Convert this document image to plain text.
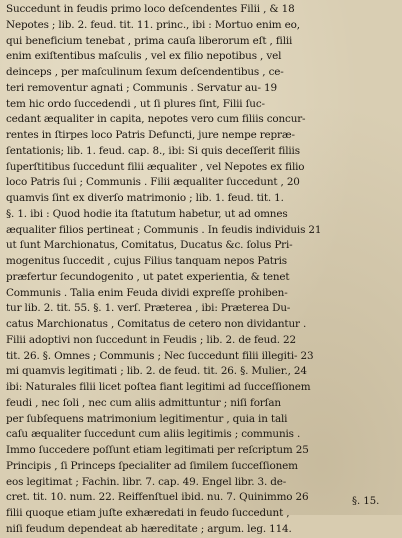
Succedunt in feudis primo loco deſcendentes Filii , & 18
Nepotes ; lib. 2. feud. tit. 11. princ., ibi : Mortuo enim eo,
qui beneficium tenebat , prima cauſa liberorum eſt , filii
enim exiſtentibus maſculis , vel ex filio nepotibus , vel
deinceps , per maſculinum ſexum deſcendentibus , ce-
teri removentur agnati ; Communis . Servatur au- 19
tem hic ordo ſuccedendi , ut ſi plures ſint, Filii ſuc-
cedant æqualiter in capita, nepotes vero cum filiis concur-
rentes in ſtirpes loco Patris Defuncti, jure nempe repræ-
ſentationis; lib. 1. feud. cap. 8., ibi: Si quis deceſſerit filiis
ſuperſtitibus ſuccedunt filii æqualiter , vel Nepotes ex filio
loco Patris ſui ; Communis . Filii æqualiter ſuccedunt , 20
quamvis ſint ex diverſo matrimonio ; lib. 1. feud. tit. 1.
§. 1. ibi : Quod hodie ita ſtatutum habetur, ut ad omnes
æqualiter filios pertineat ; Communis . In feudis individuis 21
ut ſunt Marchionatus, Comitatus, Ducatus &c. ſolus Pri-
mogenitus ſuccedit , cujus Filius tanquam nepos Patris
præfertur ſecundogenito , ut patet experientia, & tenet
Communis . Talia enim Feuda dividi expreſſe prohiben-
tur lib. 2. tit. 55. §. 1. verſ. Præterea , ibi: Præterea Du-
catus Marchionatus , Comitatus de cetero non dividantur .
Filii adoptivi non ſuccedunt in Feudis ; lib. 2. de feud. 22
tit. 26. §. Omnes ; Communis ; Nec ſuccedunt filii illegiti- 23
mi quamvis legitimati ; lib. 2. de feud. tit. 26. §. Mulier., 24
ibi: Naturales filii licet poſtea fiant legitimi ad ſucceſſionem
feudi , nec ſoli , nec cum aliis admittuntur ; niſi forſan
per ſubſequens matrimonium legitimentur , quia in tali
caſu æqualiter ſuccedunt cum aliis legitimis ; communis .
Immo ſuccedere poſſunt etiam legitimati per reſcriptum 25
Principis , ſi Princeps ſpecialiter ad ſimilem ſucceſſionem
eos legitimat ; Fachin. libr. 7. cap. 49. Engel libr. 3. de-
cret. tit. 10. num. 22. Reiffenſtuel ibid. nu. 7. Quinimmo 26
filii quoque etiam juſte exhæredati in feudo ſuccedunt ,
niſi feudum dependeat ab hæreditate ; argum. leg. 114.
§. 15.
